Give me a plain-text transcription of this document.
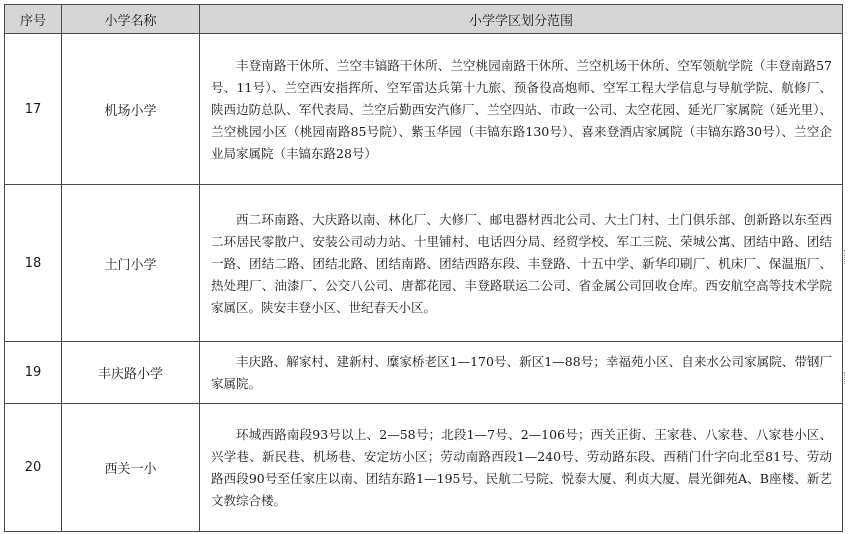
序号	小学名称	小学学区划分范围
17	机场小学	丰登南路干休所、兰空丰镐路干休所、兰空桃园南路干休所、兰空机场干休所、空军领航学院（丰登南路57号、11号）、兰空西安指挥所、空军雷达兵第十九旅、预备役高炮师、空军工程大学信息与导航学院、航修厂、陕西边防总队、军代表局、兰空后勤西安汽修厂、兰空四站、市政一公司、太空花园、延光厂家属院（延光里）、兰空桃园小区（桃园南路85号院）、紫玉华园（丰镐东路130号）、喜来登酒店家属院（丰镐东路30号）、兰空企业局家属院（丰镐东路28号）
18	土门小学	西二环南路、大庆路以南、林化厂、大修厂、邮电器材西北公司、大土门村、土门俱乐部、创新路以东至西二环居民零散户、安装公司动力站、十里铺村、电话四分局、经贸学校、军工三院、荣城公寓、团结中路、团结一路、团结二路、团结北路、团结南路、团结西路东段、丰登路、十五中学、新华印刷厂、机床厂、保温瓶厂、热处理厂、油漆厂、公交八公司、唐都花园、丰登路联运二公司、省金属公司回收仓库。西安航空高等技术学院家属区。陕安丰登小区、世纪春天小区。
19	丰庆路小学	丰庆路、解家村、建新村、糜家桥老区1—170号、新区1—88号；幸福苑小区、自来水公司家属院、带钢厂家属院。
20	西关一小	环城西路南段93号以上、2—58号；北段1—7号、2—106号；西关正街、王家巷、八家巷、八家巷小区、兴学巷、新民巷、机场巷、安定坊小区；劳动南路西段1—240号、劳动路东段、西稍门什字向北至81号、劳动路西段90号至任家庄以南、团结东路1—195号、民航二号院、悦泰大厦、利贞大厦、晨光御苑A、B座楼、新艺文教综合楼。
